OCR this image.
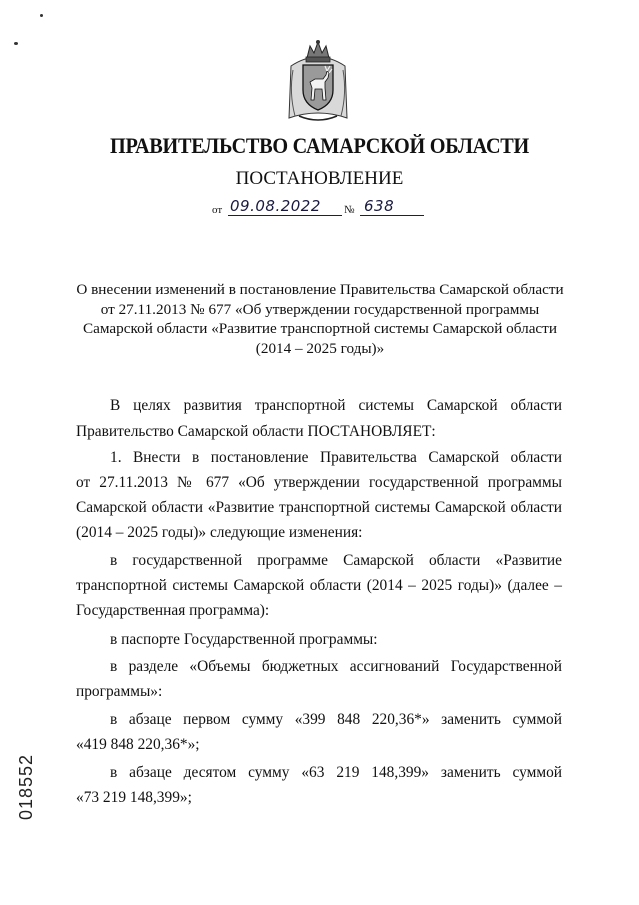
ПРАВИТЕЛЬСТВО САМАРСКОЙ ОБЛАСТИ
ПОСТАНОВЛЕНИЕ
от 09.08.2022 № 638
О внесении изменений в постановление Правительства Самарской области
от 27.11.2013 № 677 «Об утверждении государственной программы
Самарской области «Развитие транспортной системы Самарской области
(2014 – 2025 годы)»
В целях развития транспортной системы Самарской области
Правительство Самарской области ПОСТАНОВЛЯЕТ:
1. Внести в постановление Правительства Самарской области
от 27.11.2013 № 677 «Об утверждении государственной программы
Самарской области «Развитие транспортной системы Самарской области
(2014 – 2025 годы)» следующие изменения:
в государственной программе Самарской области «Развитие
транспортной системы Самарской области (2014 – 2025 годы)» (далее –
Государственная программа):
в паспорте Государственной программы:
в разделе «Объемы бюджетных ассигнований Государственной
программы»:
в абзаце первом сумму «399 848 220,36*» заменить суммой
«419 848 220,36*»;
в абзаце десятом сумму «63 219 148,399» заменить суммой
«73 219 148,399»;
018552
